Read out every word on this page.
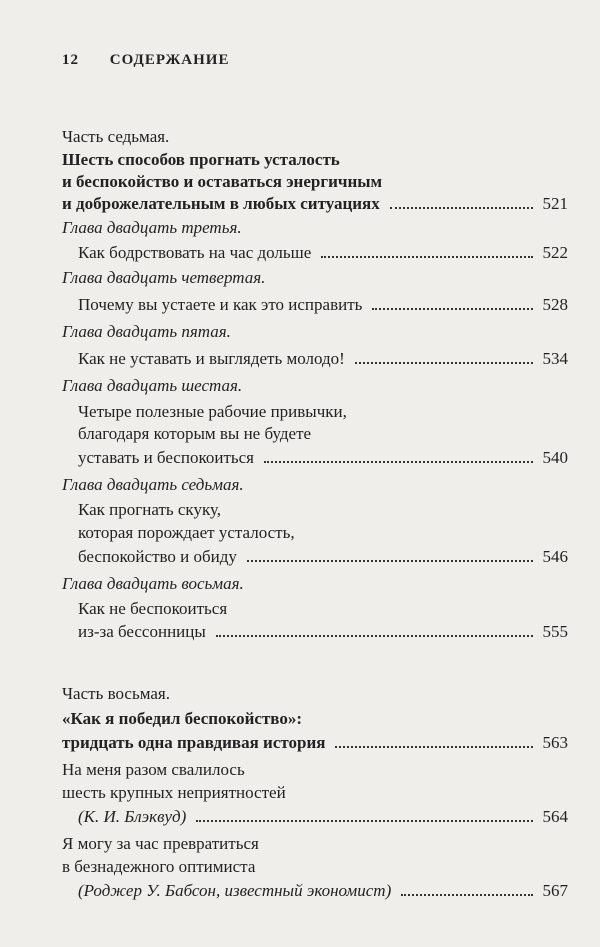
12 СОДЕРЖАНИЕ
Часть седьмая.
Шесть способов прогнать усталость
и беспокойство и оставаться энергичным
и доброжелательным в любых ситуациях	521
Глава двадцать третья.
Как бодрствовать на час дольше	522
Глава двадцать четвертая.
Почему вы устаете и как это исправить	528
Глава двадцать пятая.
Как не уставать и выглядеть молодо!	534
Глава двадцать шестая.
Четыре полезные рабочие привычки,
благодаря которым вы не будете
уставать и беспокоиться	540
Глава двадцать седьмая.
Как прогнать скуку,
которая порождает усталость,
беспокойство и обиду	546
Глава двадцать восьмая.
Как не беспокоиться
из-за бессонницы	555
Часть восьмая.
«Как я победил беспокойство»:
тридцать одна правдивая история	563
На меня разом свалилось
шесть крупных неприятностей
(К. И. Блэквуд)	564
Я могу за час превратиться
в безнадежного оптимиста
(Роджер У. Бабсон, известный экономист)	567
